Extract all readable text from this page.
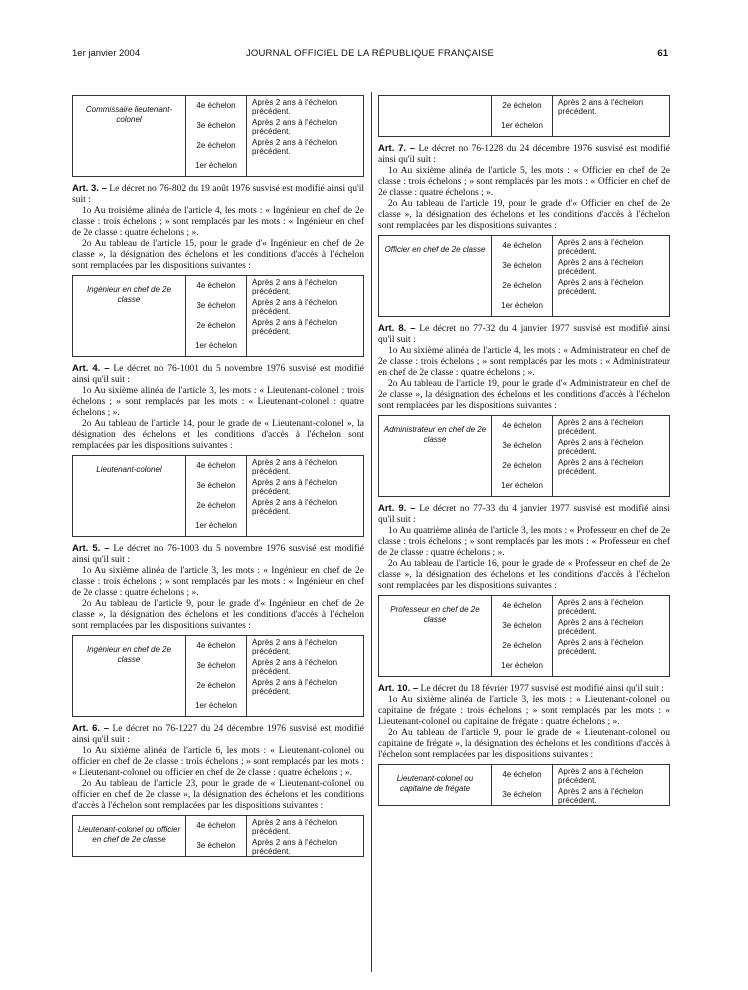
1er janvier 2004	JOURNAL OFFICIEL DE LA RÉPUBLIQUE FRANÇAISE	61
Commissaire lieutenant-colonel	4e échelon	Après 2 ans à l'échelon précédent.

	3e échelon	Après 2 ans à l'échelon précédent.

	2e échelon	Après 2 ans à l'échelon précédent.

	1er échelon	

Art. 3. – Le décret no 76-802 du 19 août 1976 susvisé est modifié ainsi qu'il suit :

1o Au troisième alinéa de l'article 4, les mots : « Ingénieur en chef de 2e classe : trois échelons ; » sont remplacés par les mots : « Ingénieur en chef de 2e classe : quatre échelons ; ».

2o Au tableau de l'article 15, pour le grade d'« Ingénieur en chef de 2e classe », la désignation des échelons et les conditions d'accès à l'échelon sont remplacées par les dispositions suivantes :

Ingénieur en chef de 2e classe	4e échelon	Après 2 ans à l'échelon précédent.

	3e échelon	Après 2 ans à l'échelon précédent.

	2e échelon	Après 2 ans à l'échelon précédent.

	1er échelon	

Art. 4. – Le décret no 76-1001 du 5 novembre 1976 susvisé est modifié ainsi qu'il suit :

1o Au sixième alinéa de l'article 3, les mots : « Lieutenant-colonel : trois échelons ; » sont remplacés par les mots : « Lieutenant-colonel : quatre échelons ; ».

2o Au tableau de l'article 14, pour le grade de « Lieutenant-colonel », la désignation des échelons et les conditions d'accès à l'échelon sont remplacées par les dispositions suivantes :

Lieutenant-colonel	4e échelon	Après 2 ans à l'échelon précédent.

	3e échelon	Après 2 ans à l'échelon précédent.

	2e échelon	Après 2 ans à l'échelon précédent.

	1er échelon	

Art. 5. – Le décret no 76-1003 du 5 novembre 1976 susvisé est modifié ainsi qu'il suit :

1o Au sixième alinéa de l'article 3, les mots : « Ingénieur en chef de 2e classe : trois échelons ; » sont remplacés par les mots : « Ingénieur en chef de 2e classe : quatre échelons ; ».

2o Au tableau de l'article 9, pour le grade d'« Ingénieur en chef de 2e classe », la désignation des échelons et les conditions d'accès à l'échelon sont remplacées par les dispositions suivantes :

Ingénieur en chef de 2e classe	4e échelon	Après 2 ans à l'échelon précédent.

	3e échelon	Après 2 ans à l'échelon précédent.

	2e échelon	Après 2 ans à l'échelon précédent.

	1er échelon	

Art. 6. – Le décret no 76-1227 du 24 décembre 1976 susvisé est modifié ainsi qu'il suit :

1o Au sixième alinéa de l'article 6, les mots : « Lieutenant-colonel ou officier en chef de 2e classe : trois échelons ; » sont remplacés par les mots : « Lieutenant-colonel ou officier en chef de 2e classe : quatre échelons ; ».

2o Au tableau de l'article 23, pour le grade de « Lieutenant-colonel ou officier en chef de 2e classe », la désignation des échelons et les conditions d'accès à l'échelon sont remplacées par les dispositions suivantes :

Lieutenant-colonel ou officier en chef de 2e classe	4e échelon	Après 2 ans à l'échelon précédent.

	3e échelon	Après 2 ans à l'échelon précédent.

	2e échelon	Après 2 ans à l'échelon précédent.

	1er échelon	

Art. 7. – Le décret no 76-1228 du 24 décembre 1976 susvisé est modifié ainsi qu'il suit :

1o Au sixième alinéa de l'article 5, les mots : « Officier en chef de 2e classe : trois échelons ; » sont remplacés par les mots : « Officier en chef de 2e classe : quatre échelons ; ».

2o Au tableau de l'article 19, pour le grade d'« Officier en chef de 2e classe », la désignation des échelons et les conditions d'accès à l'échelon sont remplacées par les dispositions suivantes :

Officier en chef de 2e classe	4e échelon	Après 2 ans à l'échelon précédent.

	3e échelon	Après 2 ans à l'échelon précédent.

	2e échelon	Après 2 ans à l'échelon précédent.

	1er échelon	

Art. 8. – Le décret no 77-32 du 4 janvier 1977 susvisé est modifié ainsi qu'il suit :

1o Au sixième alinéa de l'article 4, les mots : « Administrateur en chef de 2e classe : trois échelons ; » sont remplacés par les mots : « Administrateur en chef de 2e classe : quatre échelons ; ».

2o Au tableau de l'article 19, pour le grade d'« Administrateur en chef de 2e classe », la désignation des échelons et les conditions d'accès à l'échelon sont remplacées par les dispositions suivantes :

Administrateur en chef de 2e classe	4e échelon	Après 2 ans à l'échelon précédent.

	3e échelon	Après 2 ans à l'échelon précédent.

	2e échelon	Après 2 ans à l'échelon précédent.

	1er échelon	

Art. 9. – Le décret no 77-33 du 4 janvier 1977 susvisé est modifié ainsi qu'il suit :

1o Au quatrième alinéa de l'article 3, les mots : « Professeur en chef de 2e classe : trois échelons ; » sont remplacés par les mots : « Professeur en chef de 2e classe : quatre échelons ; ».

2o Au tableau de l'article 16, pour le grade de « Professeur en chef de 2e classe », la désignation des échelons et les conditions d'accès à l'échelon sont remplacées par les dispositions suivantes :

Professeur en chef de 2e classe	4e échelon	Après 2 ans à l'échelon précédent.

	3e échelon	Après 2 ans à l'échelon précédent.

	2e échelon	Après 2 ans à l'échelon précédent.

	1er échelon	

Art. 10. – Le décret du 18 février 1977 susvisé est modifié ainsi qu'il suit :

1o Au sixième alinéa de l'article 3, les mots : « Lieutenant-colonel ou capitaine de frégate : trois échelons ; » sont remplacés par les mots : « Lieutenant-colonel ou capitaine de frégate : quatre échelons ; ».

2o Au tableau de l'article 9, pour le grade de « Lieutenant-colonel ou capitaine de frégate », la désignation des échelons et les conditions d'accès à l'échelon sont remplacées par les dispositions suivantes :

Lieutenant-colonel ou capitaine de frégate	4e échelon	Après 2 ans à l'échelon précédent.

	3e échelon	Après 2 ans à l'échelon précédent.
